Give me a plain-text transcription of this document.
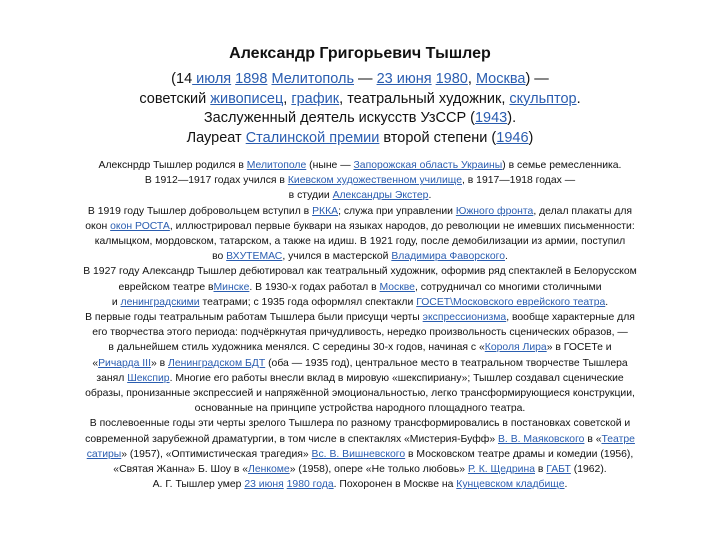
Александр Григорьевич Тышлер
(14 июля 1898 Мелитополь — 23 июня 1980, Москва) —
советский живописец, график, театральный художник, скульптор.
Заслуженный деятель искусств УзССР (1943).
Лауреат Сталинской премии второй степени (1946)

Алекснрдр Тышлер родился в Мелитополе (ныне — Запорожская область Украины) в семье ремесленника.

В 1912—1917 годах учился в Киевском художественном училище, в 1917—1918 годах —
в студии Александры Экстер.

В 1919 году Тышлер добровольцем вступил в РККА; служа при управлении Южного фронта, делал плакаты для
окон окон РОСТА, иллюстрировал первые буквари на языках народов, до революции не имевших письменности:
калмыцком, мордовском, татарском, а также на идиш. В 1921 году, после демобилизации из армии, поступил
во ВХУТЕМАС, учился в мастерской Владимира Фаворского.

В 1927 году Александр Тышлер дебютировал как театральный художник, оформив ряд спектаклей в Белорусском
еврейском театре вМинске. В 1930-х годах работал в Москве, сотрудничал со многими столичными
и ленинградскими театрами; с 1935 года оформлял спектакли ГОСЕТ\Московского еврейского театра.

В первые годы театральным работам Тышлера были присущи черты экспрессионизма, вообще характерные для
его творчества этого периода: подчёркнутая причудливость, нередко произвольность сценических образов, —
в дальнейшем стиль художника менялся. С середины 30-х годов, начиная с «Короля Лира» в ГОСЕТе и
«Ричарда III» в Ленинградском БДТ (оба — 1935 год), центральное место в театральном творчестве Тышлера
занял Шекспир. Многие его работы внесли вклад в мировую «шекспириану»; Тышлер создавал сценические
образы, пронизанные экспрессией и напряжённой эмоциональностью, легко трансформирующиеся конструкции,
основанные на принципе устройства народного площадного театра.

В послевоенные годы эти черты зрелого Тышлера по разному трансформировались в постановках советской и
современной зарубежной драматургии, в том числе в спектаклях «Мистерия-Буфф» В. В. Маяковского в «Театре
сатиры» (1957), «Оптимистическая трагедия» Вс. В. Вишневского в Московском театре драмы и комедии (1956),
«Святая Жанна» Б. Шоу в «Ленкоме» (1958), опере «Не только любовь» Р. К. Щедрина в ГАБТ (1962).

А. Г. Тышлер умер 23 июня 1980 года. Похоронен в Москве на Кунцевском кладбище.
